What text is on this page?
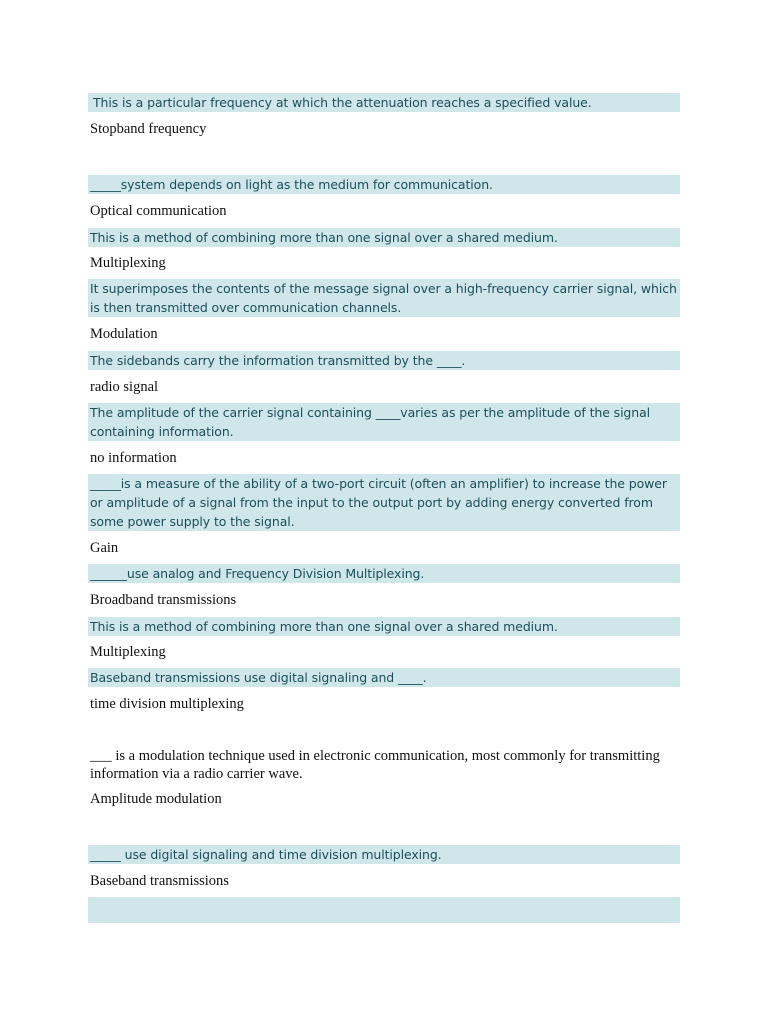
This is a particular frequency at which the attenuation reaches a specified value.
Stopband frequency
_____system depends on light as the medium for communication.
Optical communication
This is a method of combining more than one signal over a shared medium.
Multiplexing
It superimposes the contents of the message signal over a high-frequency carrier signal, which is then transmitted over communication channels.
Modulation
The sidebands carry the information transmitted by the ____.
radio signal
The amplitude of the carrier signal containing ____varies as per the amplitude of the signal containing information.
no information
_____is a measure of the ability of a two-port circuit (often an amplifier) to increase the power or amplitude of a signal from the input to the output port by adding energy converted from some power supply to the signal.
Gain
______use analog and Frequency Division Multiplexing.
Broadband transmissions
This is a method of combining more than one signal over a shared medium.
Multiplexing
Baseband transmissions use digital signaling and ____.
time division multiplexing
___ is a modulation technique used in electronic communication, most commonly for transmitting information via a radio carrier wave.
Amplitude modulation
_____ use digital signaling and time division multiplexing.
Baseband transmissions
